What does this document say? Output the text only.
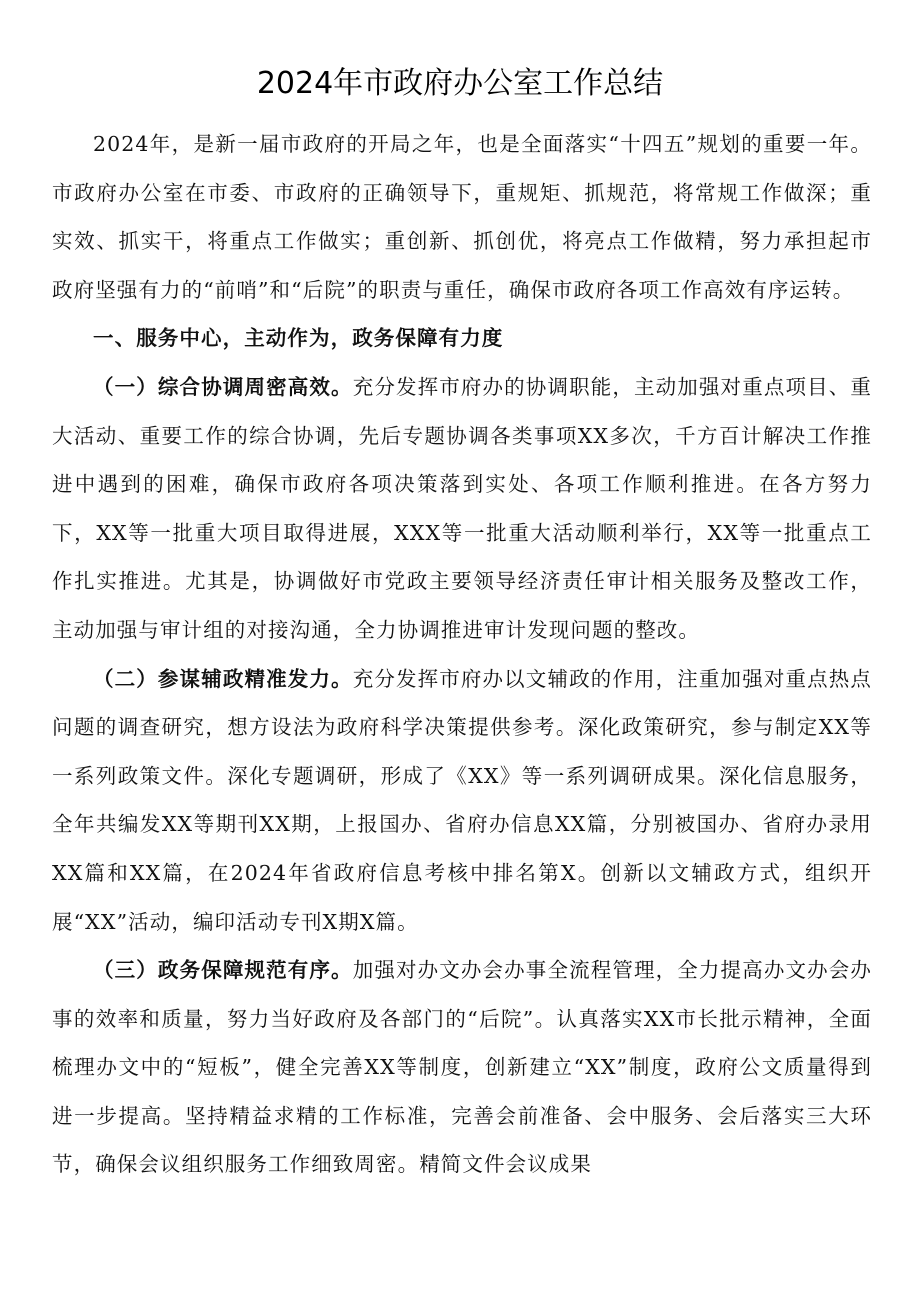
2024年市政府办公室工作总结

2024年，是新一届市政府的开局之年，也是全面落实“十四五”规划的重要一年。市政府办公室在市委、市政府的正确领导下，重规矩、抓规范，将常规工作做深；重实效、抓实干，将重点工作做实；重创新、抓创优，将亮点工作做精，努力承担起市政府坚强有力的“前哨”和“后院”的职责与重任，确保市政府各项工作高效有序运转。

一、服务中心，主动作为，政务保障有力度

（一）综合协调周密高效。充分发挥市府办的协调职能，主动加强对重点项目、重大活动、重要工作的综合协调，先后专题协调各类事项XX多次，千方百计解决工作推进中遇到的困难，确保市政府各项决策落到实处、各项工作顺利推进。在各方努力下，XX等一批重大项目取得进展，XXX等一批重大活动顺利举行，XX等一批重点工作扎实推进。尤其是，协调做好市党政主要领导经济责任审计相关服务及整改工作，主动加强与审计组的对接沟通，全力协调推进审计发现问题的整改。

（二）参谋辅政精准发力。充分发挥市府办以文辅政的作用，注重加强对重点热点问题的调查研究，想方设法为政府科学决策提供参考。深化政策研究，参与制定XX等一系列政策文件。深化专题调研，形成了《XX》等一系列调研成果。深化信息服务，全年共编发XX等期刊XX期，上报国办、省府办信息XX篇，分别被国办、省府办录用XX篇和XX篇，在2024年省政府信息考核中排名第X。创新以文辅政方式，组织开展“XX”活动，编印活动专刊X期X篇。

（三）政务保障规范有序。加强对办文办会办事全流程管理，全力提高办文办会办事的效率和质量，努力当好政府及各部门的“后院”。认真落实XX市长批示精神，全面梳理办文中的“短板”，健全完善XX等制度，创新建立“XX”制度，政府公文质量得到进一步提高。坚持精益求精的工作标准，完善会前准备、会中服务、会后落实三大环节，确保会议组织服务工作细致周密。精简文件会议成果
